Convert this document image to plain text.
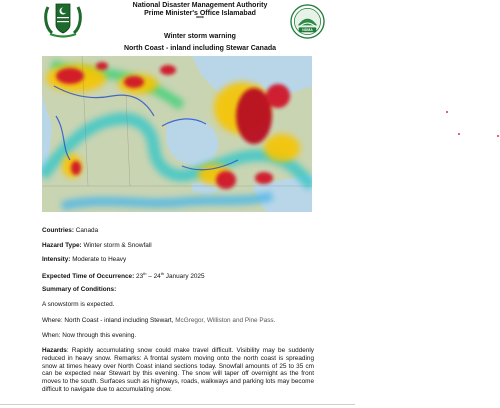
National Disaster Management Authority
Prime Minister's Office Islamabad
****
NDMA
Winter storm warning
North Coast - inland including Stewar Canada
Countries: Canada
Hazard Type: Winter storm & Snowfall
Intensity: Moderate to Heavy
Expected Time of Occurrence: 23th – 24th January 2025
Summary of Conditions:
A snowstorm is expected.
Where: North Coast - inland including Stewart, McGregor, Williston and Pine Pass.
When: Now through this evening.
Hazards: Rapidly accumulating snow could make travel difficult. Visibility may be suddenly reduced in heavy snow. Remarks: A frontal system moving onto the north coast is spreading snow at times heavy over North Coast inland sections today. Snowfall amounts of 25 to 35 cm can be expected near Stewart by this evening. The snow will taper off overnight as the front moves to the south. Surfaces such as highways, roads, walkways and parking lots may become difficult to navigate due to accumulating snow.
